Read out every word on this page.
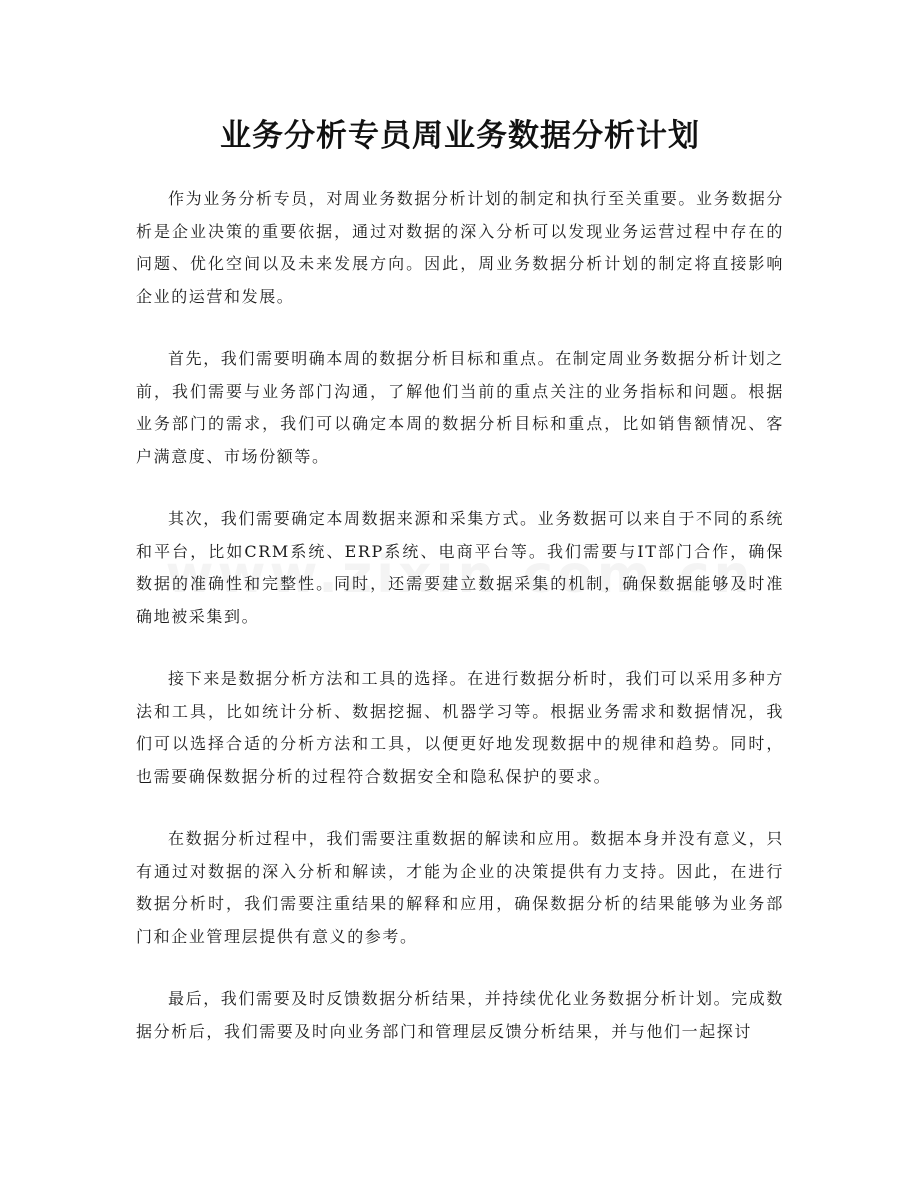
业务分析专员周业务数据分析计划

作为业务分析专员，对周业务数据分析计划的制定和执行至关重要。业务数据分析是企业决策的重要依据，通过对数据的深入分析可以发现业务运营过程中存在的问题、优化空间以及未来发展方向。因此，周业务数据分析计划的制定将直接影响企业的运营和发展。

首先，我们需要明确本周的数据分析目标和重点。在制定周业务数据分析计划之前，我们需要与业务部门沟通，了解他们当前的重点关注的业务指标和问题。根据业务部门的需求，我们可以确定本周的数据分析目标和重点，比如销售额情况、客户满意度、市场份额等。

其次，我们需要确定本周数据来源和采集方式。业务数据可以来自于不同的系统和平台，比如CRM系统、ERP系统、电商平台等。我们需要与IT部门合作，确保数据的准确性和完整性。同时，还需要建立数据采集的机制，确保数据能够及时准确地被采集到。

接下来是数据分析方法和工具的选择。在进行数据分析时，我们可以采用多种方法和工具，比如统计分析、数据挖掘、机器学习等。根据业务需求和数据情况，我们可以选择合适的分析方法和工具，以便更好地发现数据中的规律和趋势。同时，也需要确保数据分析的过程符合数据安全和隐私保护的要求。

在数据分析过程中，我们需要注重数据的解读和应用。数据本身并没有意义，只有通过对数据的深入分析和解读，才能为企业的决策提供有力支持。因此，在进行数据分析时，我们需要注重结果的解释和应用，确保数据分析的结果能够为业务部门和企业管理层提供有意义的参考。

最后，我们需要及时反馈数据分析结果，并持续优化业务数据分析计划。完成数据分析后，我们需要及时向业务部门和管理层反馈分析结果，并与他们一起探讨
